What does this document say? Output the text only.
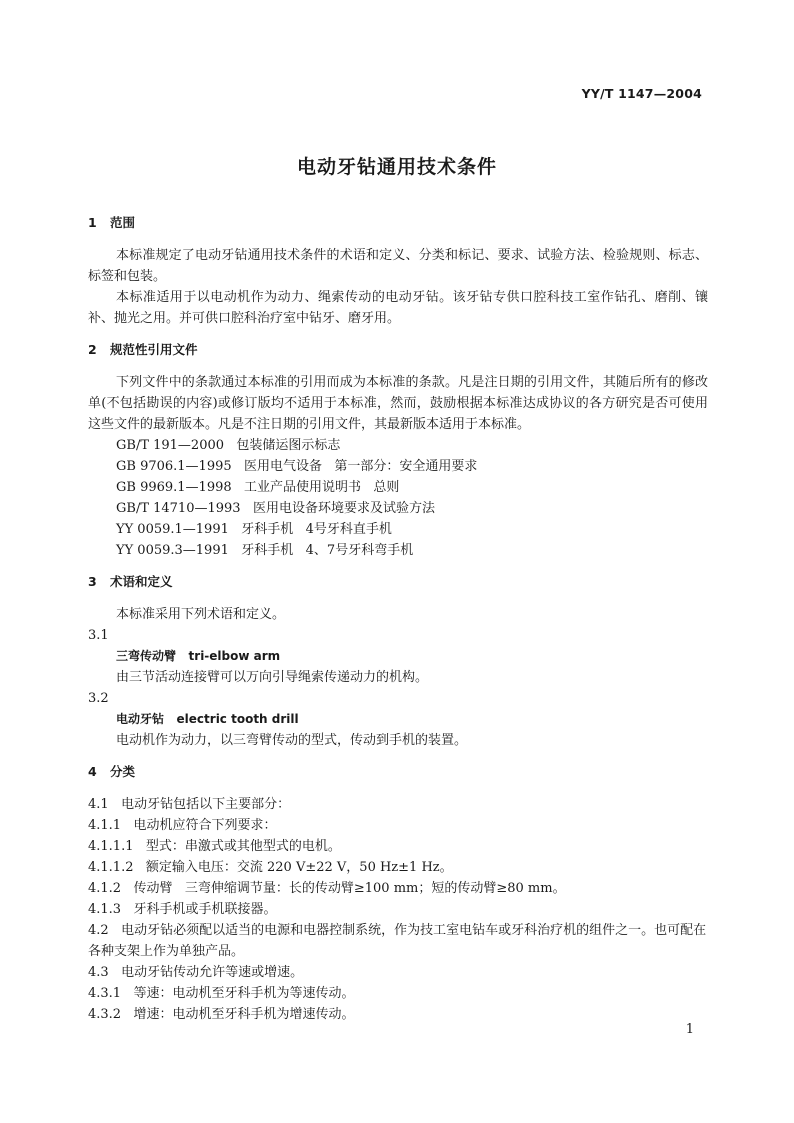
YY/T 1147—2004
电动牙钻通用技术条件
1 范围

本标准规定了电动牙钻通用技术条件的术语和定义、分类和标记、要求、试验方法、检验规则、标志、标签和包装。

本标准适用于以电动机作为动力、绳索传动的电动牙钻。该牙钻专供口腔科技工室作钻孔、磨削、镶补、抛光之用。并可供口腔科治疗室中钻牙、磨牙用。

2 规范性引用文件

下列文件中的条款通过本标准的引用而成为本标准的条款。凡是注日期的引用文件，其随后所有的修改单(不包括勘误的内容)或修订版均不适用于本标准，然而，鼓励根据本标准达成协议的各方研究是否可使用这些文件的最新版本。凡是不注日期的引用文件，其最新版本适用于本标准。

GB/T 191—2000   包装储运图示标志
GB 9706.1—1995   医用电气设备   第一部分：安全通用要求
GB 9969.1—1998   工业产品使用说明书   总则
GB/T 14710—1993   医用电设备环境要求及试验方法
YY 0059.1—1991   牙科手机   4号牙科直手机
YY 0059.3—1991   牙科手机   4、7号牙科弯手机
3 术语和定义

本标准采用下列术语和定义。

3.1

三弯传动臂   tri-elbow arm

由三节活动连接臂可以万向引导绳索传递动力的机构。

3.2

电动牙钻   electric tooth drill

电动机作为动力，以三弯臂传动的型式，传动到手机的装置。

4 分类

4.1   电动牙钻包括以下主要部分：

4.1.1   电动机应符合下列要求：

4.1.1.1   型式：串激式或其他型式的电机。

4.1.1.2   额定输入电压：交流 220 V±22 V，50 Hz±1 Hz。

4.1.2   传动臂   三弯伸缩调节量：长的传动臂≥100 mm；短的传动臂≥80 mm。

4.1.3   牙科手机或手机联接器。

4.2   电动牙钻必须配以适当的电源和电器控制系统，作为技工室电钻车或牙科治疗机的组件之一。也可配在各种支架上作为单独产品。

4.3   电动牙钻传动允许等速或增速。

4.3.1   等速：电动机至牙科手机为等速传动。

4.3.2   增速：电动机至牙科手机为增速传动。

1
